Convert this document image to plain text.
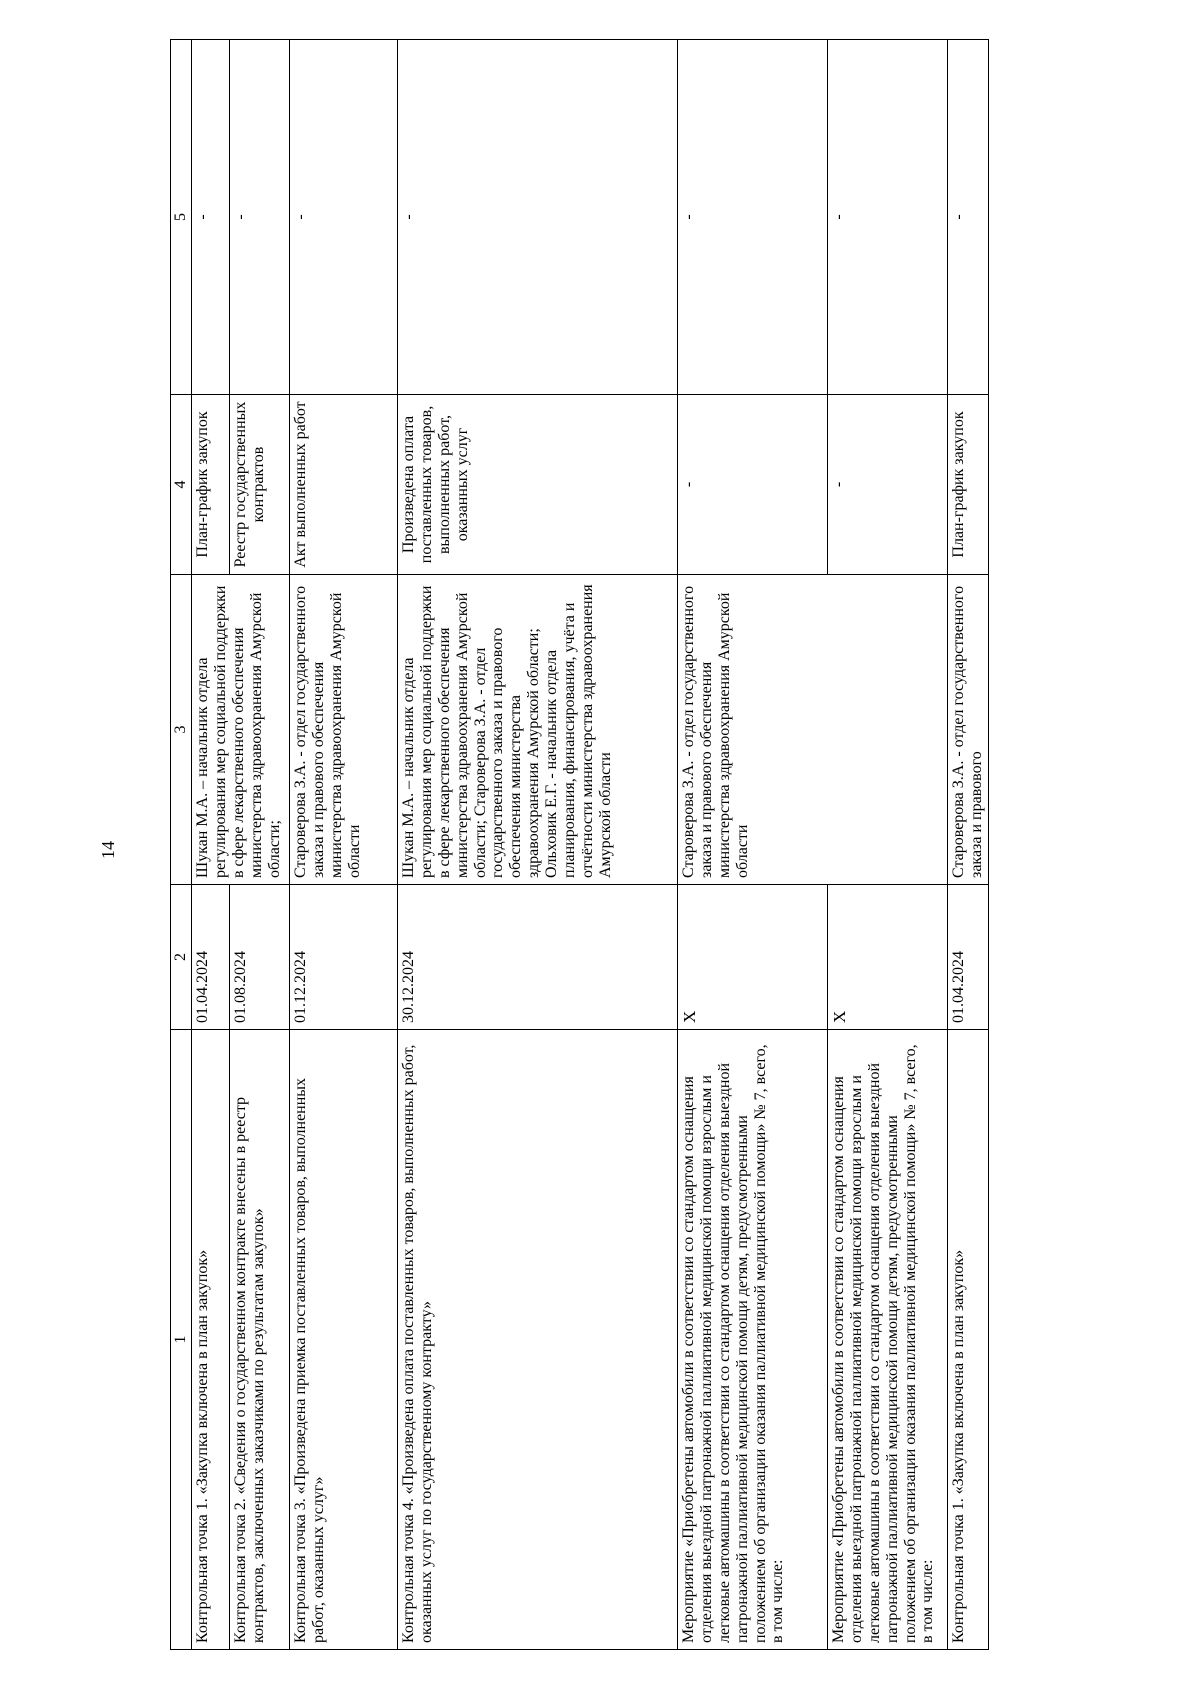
14
1	2	3	4	5
Контрольная точка 1. «Закупка включена в план закупок»	01.04.2024	Шукан М.А. – начальник отдела регулирования мер социальной поддержки в сфере лекарственного обеспечения министерства здравоохранения Амурской области;	План-график закупок	-
Контрольная точка 2. «Сведения о государственном контракте внесены в реестр контрактов, заключенных заказчиками по результатам закупок»	01.08.2024		Реестр государственных контрактов	-
Контрольная точка 3. «Произведена приемка поставленных товаров, выполненных работ, оказанных услуг»	01.12.2024	Староверова З.А. - отдел государственного заказа и правового обеспечения министерства здравоохранения Амурской области	Акт выполненных работ	-
Контрольная точка 4. «Произведена оплата поставленных товаров, выполненных работ, оказанных услуг по государственному контракту»	30.12.2024	Шукан М.А. – начальник отдела регулирования мер социальной поддержки в сфере лекарственного обеспечения министерства здравоохранения Амурской области; Староверова З.А. - отдел государственного заказа и правового обеспечения министерства здравоохранения Амурской области; Ольховик Е.Г. - начальник отдела планирования, финансирования, учёта и отчётности министерства здравоохранения Амурской области	Произведена оплата поставленных товаров, выполненных работ, оказанных услуг	-
Мероприятие «Приобретены автомобили в соответствии со стандартом оснащения отделения выездной патронажной паллиативной медицинской помощи взрослым и легковые автомашины в соответствии со стандартом оснащения отделения выездной патронажной паллиативной медицинской помощи детям, предусмотренными положением об организации оказания паллиативной медицинской помощи» № 7, всего, в том числе:	Х	Староверова З.А. - отдел государственного заказа и правового обеспечения министерства здравоохранения Амурской области	-	-
Мероприятие «Приобретены автомобили в соответствии со стандартом оснащения отделения выездной патронажной паллиативной медицинской помощи взрослым и легковые автомашины в соответствии со стандартом оснащения отделения выездной патронажной паллиативной медицинской помощи детям, предусмотренными положением об организации оказания паллиативной медицинской помощи» № 7, всего, в том числе:	Х		-	-
Контрольная точка 1. «Закупка включена в план закупок»	01.04.2024	Староверова З.А. - отдел государственного заказа и правового	План-график закупок	-
